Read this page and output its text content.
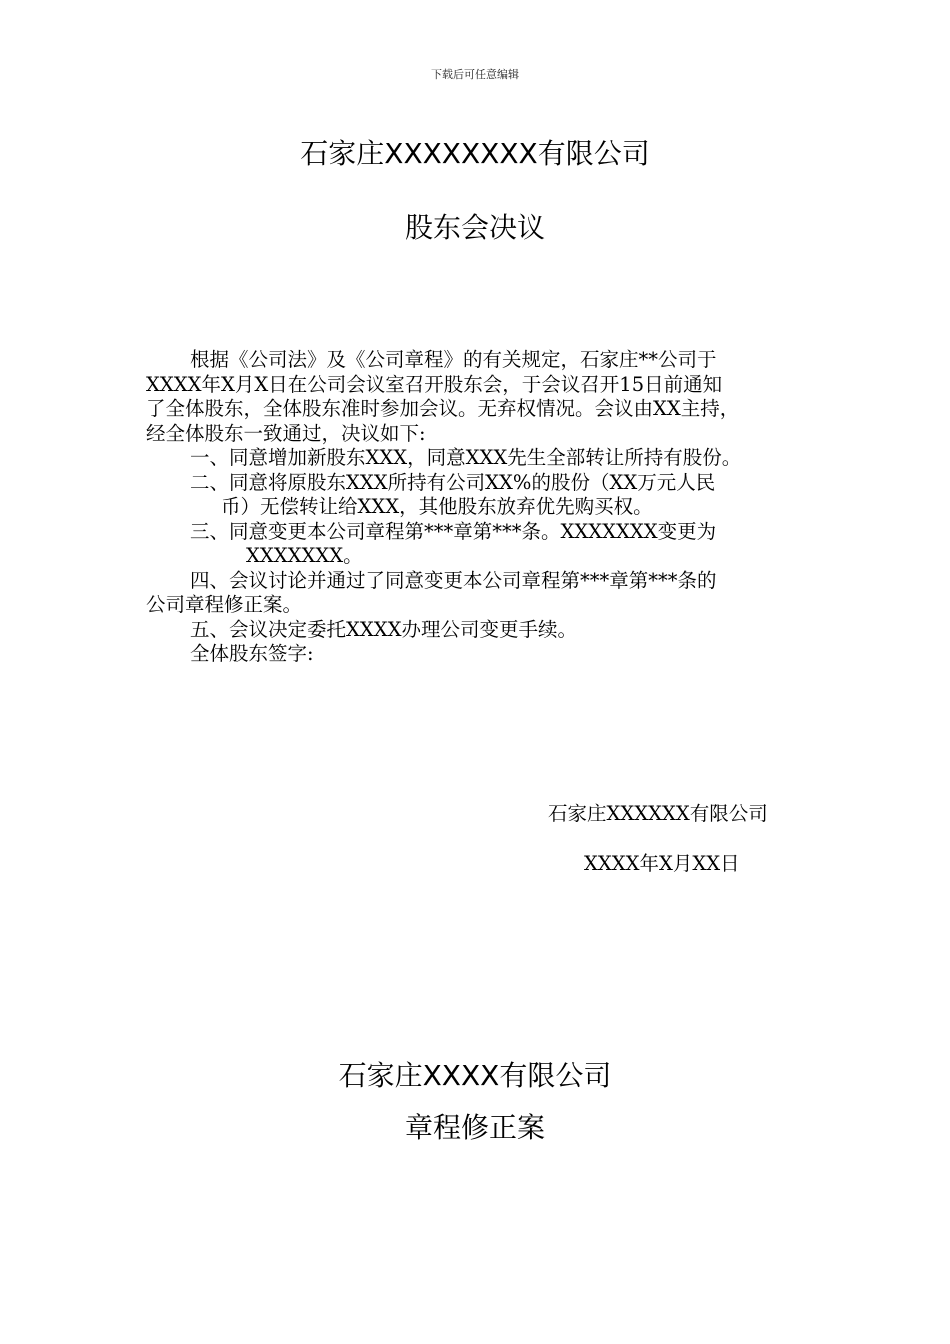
下载后可任意编辑
石家庄XXXXXXXX有限公司
股东会决议

根据《公司法》及《公司章程》的有关规定，石家庄**公司于

XXXX年X月X日在公司会议室召开股东会，于会议召开15日前通知

了全体股东，全体股东准时参加会议。无弃权情况。会议由XX主持，

经全体股东一致通过，决议如下:

一、同意增加新股东XXX，同意XXX先生全部转让所持有股份。

二、同意将原股东XXX所持有公司XX%的股份（XX万元人民

币）无偿转让给XXX，其他股东放弃优先购买权。

三、同意变更本公司章程第***章第***条。XXXXXXX变更为

XXXXXXX。

四、会议讨论并通过了同意变更本公司章程第***章第***条的

公司章程修正案。

五、会议决定委托XXXX办理公司变更手续。

全体股东签字:

石家庄XXXXXX有限公司
XXXX年X月XX日
石家庄XXXX有限公司
章程修正案
